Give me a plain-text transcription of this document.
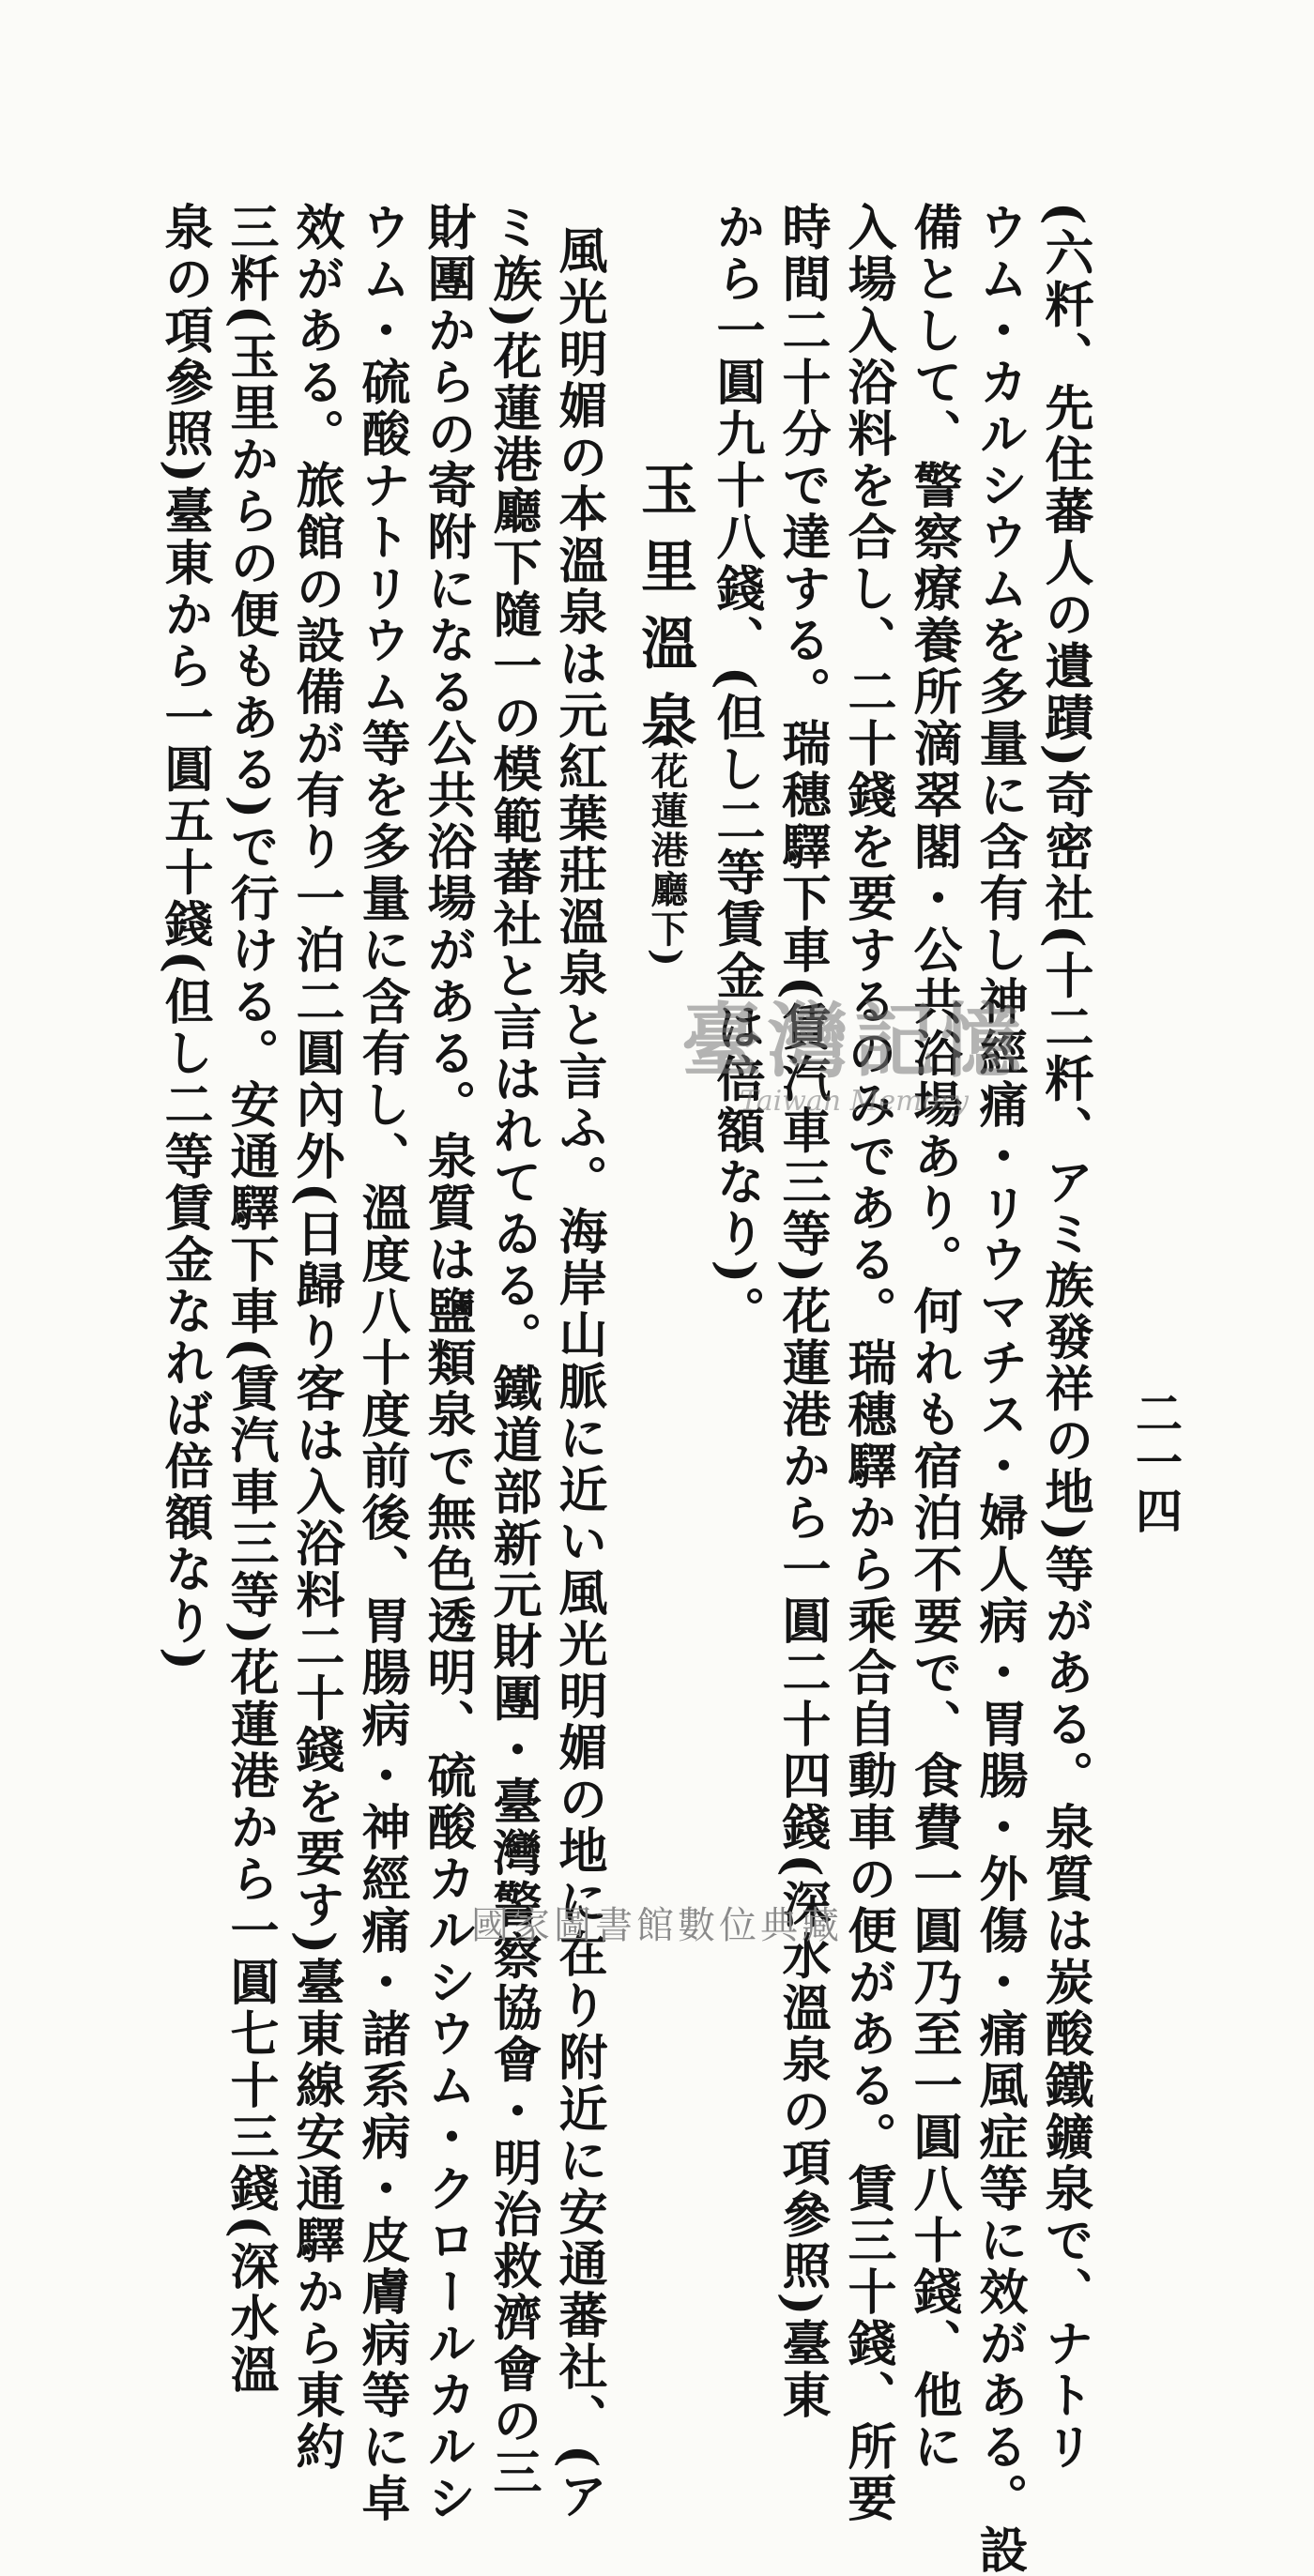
二一四
(六粁、先住蕃人の遺蹟)奇密社(十二粁、アミ族發祥の地)等がある。泉質は炭酸鐵鑛泉で、ナトリ
ウム・カルシウムを多量に含有し神經痛・リウマチス・婦人病・胃腸・外傷・痛風症等に效がある。設
備として、警察療養所滴翠閣・公共浴場あり。何れも宿泊不要で、食費一圓乃至一圓八十錢、他に
入場入浴料を合し、二十錢を要するのみである。瑞穗驛から乘合自動車の便がある。賃三十錢、所要
時間二十分で達する。瑞穗驛下車(賃汽車三等)花蓮港から一圓二十四錢(深水溫泉の項參照)臺東
から一圓九十八錢、(但し二等賃金は倍額なり)。
玉里溫泉
(花蓮港廳下)
風光明媚の本溫泉は元紅葉莊溫泉と言ふ。海岸山脈に近い風光明媚の地に在り附近に安通蕃社、(ア
ミ族)花蓮港廳下隨一の模範蕃社と言はれてゐる。鐵道部新元財團・臺灣警察協會・明治救濟會の三
財團からの寄附になる公共浴場がある。泉質は鹽類泉で無色透明、硫酸カルシウム・クロールカルシ
ウム・硫酸ナトリウム等を多量に含有し、溫度八十度前後、胃腸病・神經痛・諸系病・皮膚病等に卓
效がある。旅館の設備が有り一泊二圓內外(日歸り客は入浴料二十錢を要す)臺東線安通驛から東約
三粁(玉里からの便もある)で行ける。安通驛下車(賃汽車三等)花蓮港から一圓七十三錢(深水溫
泉の項參照)臺東から一圓五十錢(但し二等賃金なれば倍額なり)	臺灣記憶
Taiwan Memory
國家圖書館數位典藏
